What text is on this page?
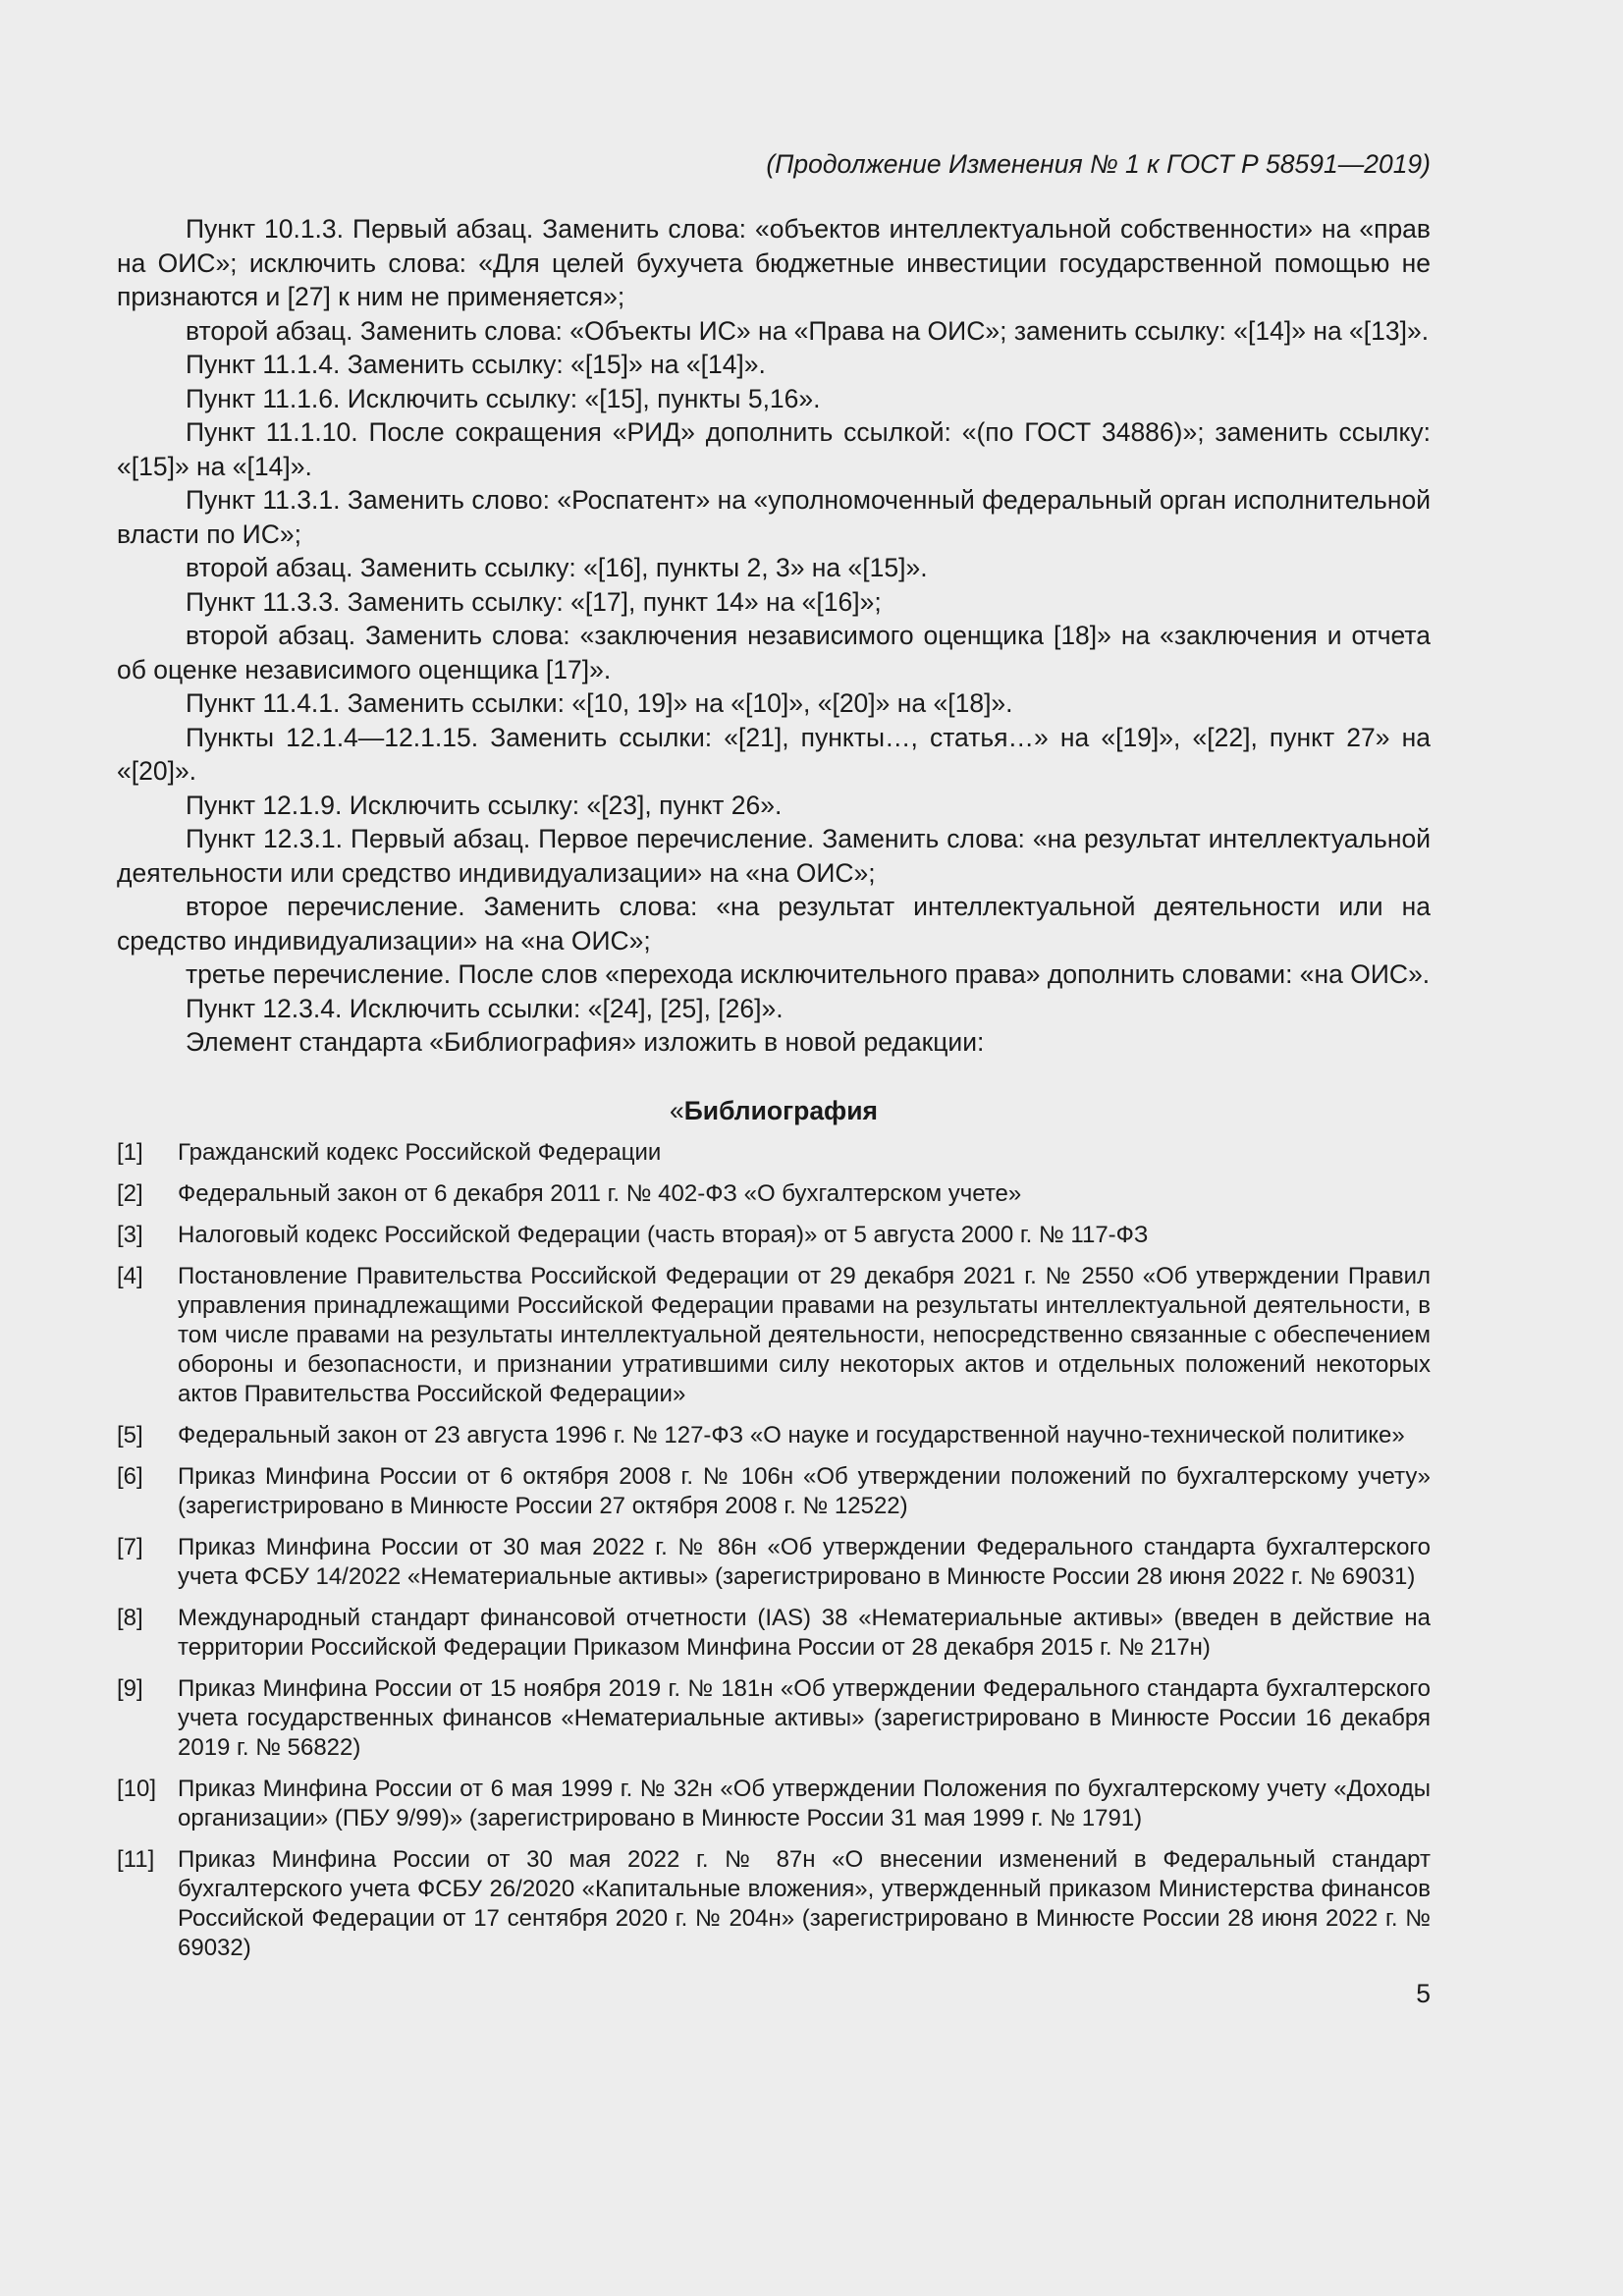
(Продолжение Изменения № 1 к ГОСТ Р 58591—2019)

Пункт 10.1.3. Первый абзац. Заменить слова: «объектов интеллектуальной собственности» на «прав на ОИС»; исключить слова: «Для целей бухучета бюджетные инвестиции государственной помощью не признаются и [27] к ним не применяется»;

второй абзац. Заменить слова: «Объекты ИС» на «Права на ОИС»; заменить ссылку: «[14]» на «[13]».

Пункт 11.1.4. Заменить ссылку: «[15]» на «[14]».

Пункт 11.1.6. Исключить ссылку: «[15], пункты 5,16».

Пункт 11.1.10. После сокращения «РИД» дополнить ссылкой: «(по ГОСТ 34886)»; заменить ссылку: «[15]» на «[14]».

Пункт 11.3.1. Заменить слово: «Роспатент» на «уполномоченный федеральный орган исполнительной власти по ИС»;

второй абзац. Заменить ссылку: «[16], пункты 2, 3» на «[15]».

Пункт 11.3.3. Заменить ссылку: «[17], пункт 14» на «[16]»;

второй абзац. Заменить слова: «заключения независимого оценщика [18]» на «заключения и отчета об оценке независимого оценщика [17]».

Пункт 11.4.1. Заменить ссылки: «[10, 19]» на «[10]», «[20]» на «[18]».

Пункты 12.1.4—12.1.15. Заменить ссылки: «[21], пункты…, статья…» на «[19]», «[22], пункт 27» на «[20]».

Пункт 12.1.9. Исключить ссылку: «[23], пункт 26».

Пункт 12.3.1. Первый абзац. Первое перечисление. Заменить слова: «на результат интеллектуальной деятельности или средство индивидуализации» на «на ОИС»;

второе перечисление. Заменить слова: «на результат интеллектуальной деятельности или на средство индивидуализации» на «на ОИС»;

третье перечисление. После слов «перехода исключительного права» дополнить словами: «на ОИС».

Пункт 12.3.4. Исключить ссылки: «[24], [25], [26]».

Элемент стандарта «Библиография» изложить в новой редакции:

«Библиография
[1]	Гражданский кодекс Российской Федерации
[2]	Федеральный закон от 6 декабря 2011 г. № 402-ФЗ «О бухгалтерском учете»
[3]	Налоговый кодекс Российской Федерации (часть вторая)» от 5 августа 2000 г. № 117-ФЗ
[4]	Постановление Правительства Российской Федерации от 29 декабря 2021 г. № 2550 «Об утверждении Правил управления принадлежащими Российской Федерации правами на результаты интеллектуальной деятельности, в том числе правами на результаты интеллектуальной деятельности, непосредственно связанные с обеспечением обороны и безопасности, и признании утратившими силу некоторых актов и отдельных положений некоторых актов Правительства Российской Федерации»
[5]	Федеральный закон от 23 августа 1996 г. № 127-ФЗ «О науке и государственной научно-технической политике»
[6]	Приказ Минфина России от 6 октября 2008 г. № 106н «Об утверждении положений по бухгалтерскому учету» (зарегистрировано в Минюсте России 27 октября 2008 г. № 12522)
[7]	Приказ Минфина России от 30 мая 2022 г. № 86н «Об утверждении Федерального стандарта бухгалтерского учета ФСБУ 14/2022 «Нематериальные активы» (зарегистрировано в Минюсте России 28 июня 2022 г. № 69031)
[8]	Международный стандарт финансовой отчетности (IAS) 38 «Нематериальные активы» (введен в действие на территории Российской Федерации Приказом Минфина России от 28 декабря 2015 г. № 217н)
[9]	Приказ Минфина России от 15 ноября 2019 г. № 181н «Об утверждении Федерального стандарта бухгалтерского учета государственных финансов «Нематериальные активы» (зарегистрировано в Минюсте России 16 декабря 2019 г. № 56822)
[10] Приказ Минфина России от 6 мая 1999 г. № 32н «Об утверждении Положения по бухгалтерскому учету «Доходы организации» (ПБУ 9/99)» (зарегистрировано в Минюсте России 31 мая 1999 г. № 1791)
[11] Приказ Минфина России от 30 мая 2022 г. № 87н «О внесении изменений в Федеральный стандарт бухгалтерского учета ФСБУ 26/2020 «Капитальные вложения», утвержденный приказом Министерства финансов Российской Федерации от 17 сентября 2020 г. № 204н» (зарегистрировано в Минюсте России 28 июня 2022 г. № 69032)
5
